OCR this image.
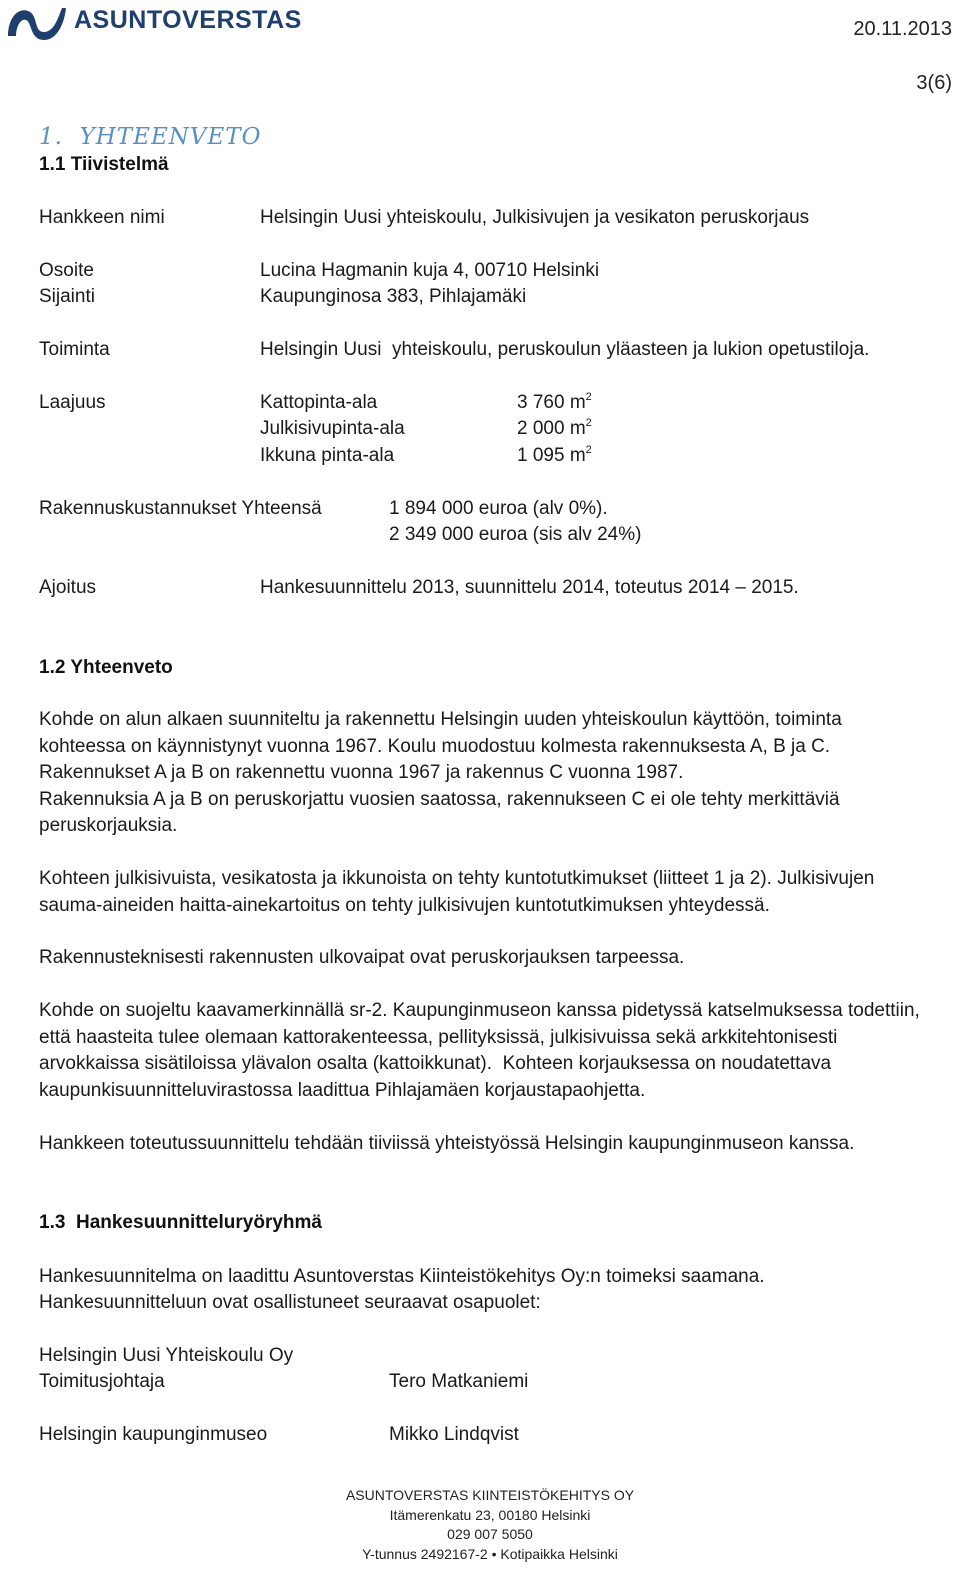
ASUNTOVERSTAS	20.11.2013
3(6)
1.  YHTEENVETO
1.1 Tiivistelmä
Hankkeen nimi	Helsingin Uusi yhteiskoulu, Julkisivujen ja vesikaton peruskorjaus
Osoite	Lucina Hagmanin kuja 4, 00710 Helsinki
Sijainti	Kaupunginosa 383, Pihlajamäki
Toiminta	Helsingin Uusi  yhteiskoulu, peruskoulun yläasteen ja lukion opetustiloja.
Laajuus	Kattopinta-ala	3 760 $m^2$
Julkisivupinta-ala	2 000 $m^2$
Ikkuna pinta-ala	1 095 $m^2$
Rakennuskustannukset Yhteensä	1 894 000 euroa (alv 0%).
2 349 000 euroa (sis alv 24%)
Ajoitus	Hankesuunnittelu 2013, suunnittelu 2014, toteutus 2014 – 2015.
1.2 Yhteenveto
Kohde on alun alkaen suunniteltu ja rakennettu Helsingin uuden yhteiskoulun käyttöön, toiminta
kohteessa on käynnistynyt vuonna 1967. Koulu muodostuu kolmesta rakennuksesta A, B ja C.
Rakennukset A ja B on rakennettu vuonna 1967 ja rakennus C vuonna 1987.
Rakennuksia A ja B on peruskorjattu vuosien saatossa, rakennukseen C ei ole tehty merkittäviä
peruskorjauksia.
Kohteen julkisivuista, vesikatosta ja ikkunoista on tehty kuntotutkimukset (liitteet 1 ja 2). Julkisivujen
sauma-aineiden haitta-ainekartoitus on tehty julkisivujen kuntotutkimuksen yhteydessä.
Rakennusteknisesti rakennusten ulkovaipat ovat peruskorjauksen tarpeessa.
Kohde on suojeltu kaavamerkinnällä sr-2. Kaupunginmuseon kanssa pidetyssä katselmuksessa todettiin,
että haasteita tulee olemaan kattorakenteessa, pellityksissä, julkisivuissa sekä arkkitehtonisesti
arvokkaissa sisätiloissa ylävalon osalta (kattoikkunat).  Kohteen korjauksessa on noudatettava
kaupunkisuunnitteluvirastossa laadittua Pihlajamäen korjaustapaohjetta.
Hankkeen toteutussuunnittelu tehdään tiiviissä yhteistyössä Helsingin kaupunginmuseon kanssa.
1.3  Hankesuunnitteluryöryhmä
Hankesuunnitelma on laadittu Asuntoverstas Kiinteistökehitys Oy:n toimeksi saamana.
Hankesuunnitteluun ovat osallistuneet seuraavat osapuolet:
Helsingin Uusi Yhteiskoulu Oy
Toimitusjohtaja	Tero Matkaniemi
Helsingin kaupunginmuseo	Mikko Lindqvist
ASUNTOVERSTAS KIINTEISTÖKEHITYS OY
Itämerenkatu 23, 00180 Helsinki
029 007 5050
Y-tunnus 2492167-2 • Kotipaikka Helsinki
